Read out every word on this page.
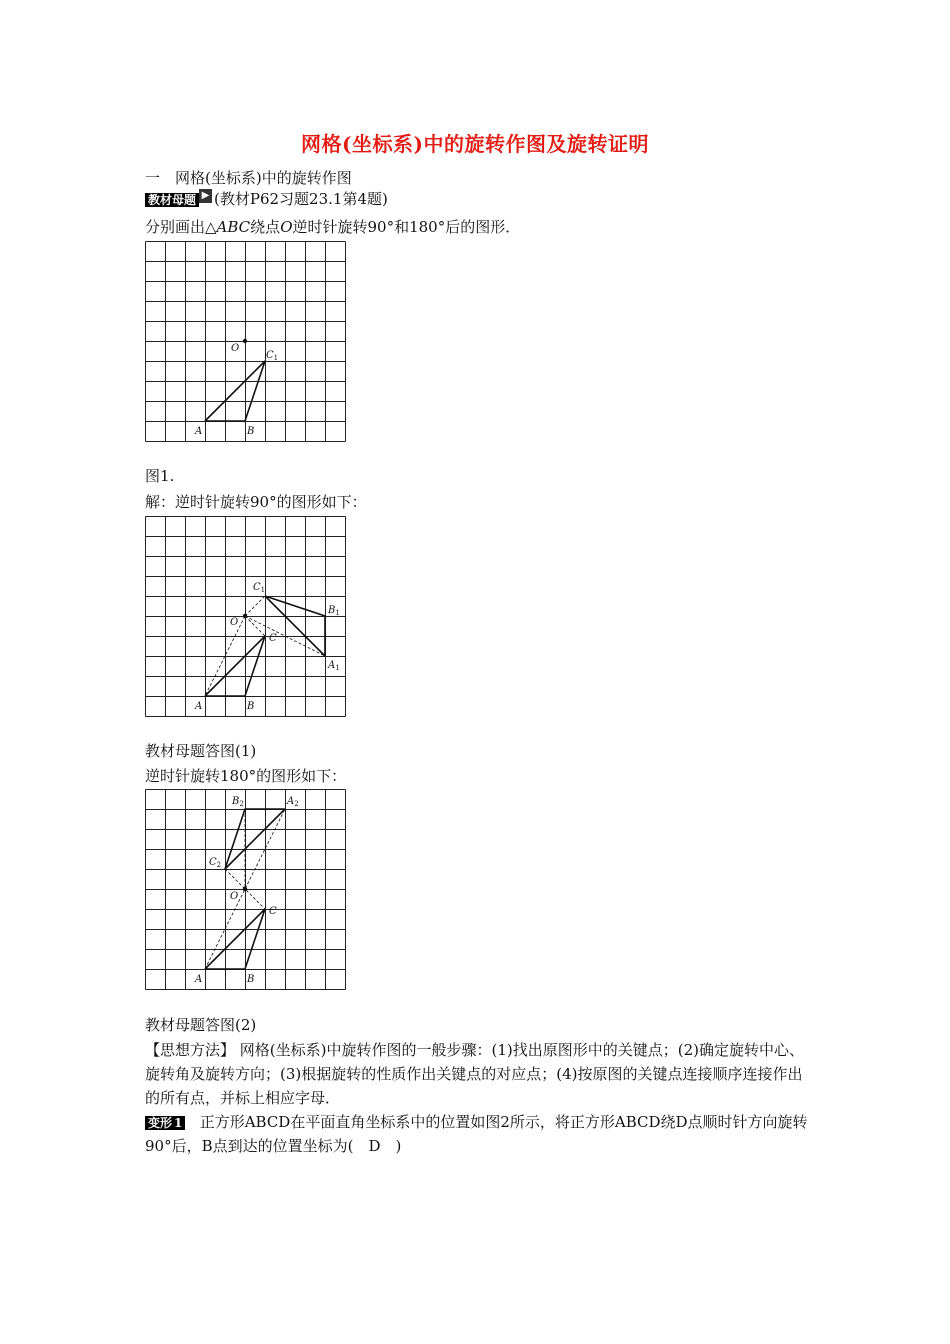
网格(坐标系)中的旋转作图及旋转证明
一　网格(坐标系)中的旋转作图
教材母题 ▶ (教材P62习题23.1第4题)
分别画出△ABC绕点O逆时针旋转90°和180°后的图形．
O
$C_1$
A	B
图1.
解：逆时针旋转90°的图形如下：
O
$C_1$
$B_1$
$A_1$
C
A	B
教材母题答图(1)
逆时针旋转180°的图形如下：
O
$B_2$	$A_2$
$C_2$
C
A	B
教材母题答图(2)
【思想方法】 网格(坐标系)中旋转作图的一般步骤：(1)找出原图形中的关键点；(2)确定旋转中心、旋转角及旋转方向；(3)根据旋转的性质作出关键点的对应点；(4)按原图的关键点连接顺序连接作出的所有点，并标上相应字母．
变形 1 正方形ABCD在平面直角坐标系中的位置如图2所示，将正方形ABCD绕D点顺时针方向旋转90°后，B点到达的位置坐标为(　D　)
